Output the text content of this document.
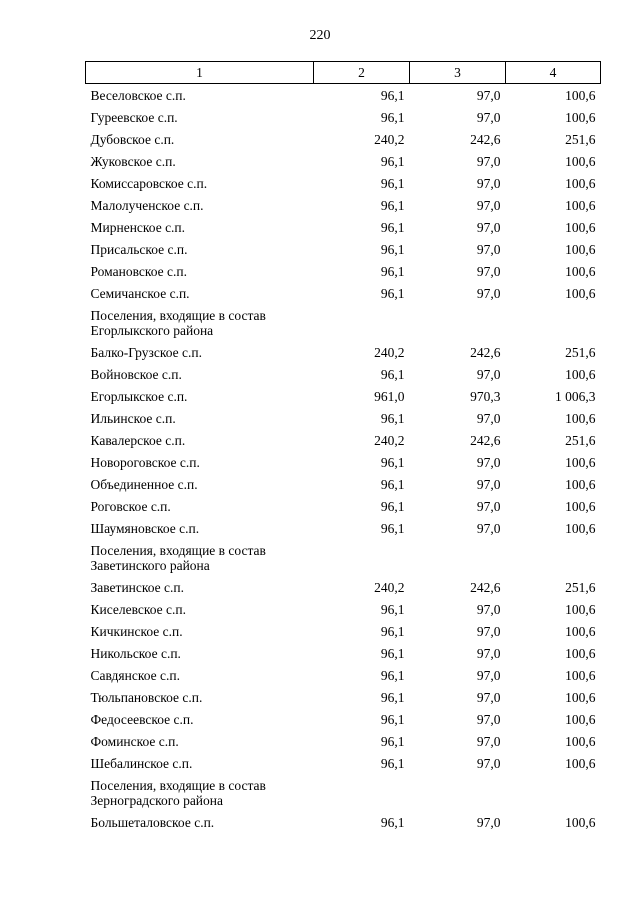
220
1	2	3	4
Веселовское с.п.	96,1	97,0	100,6
Гуреевское с.п.	96,1	97,0	100,6
Дубовское с.п.	240,2	242,6	251,6
Жуковское с.п.	96,1	97,0	100,6
Комиссаровское с.п.	96,1	97,0	100,6
Малолученское с.п.	96,1	97,0	100,6
Мирненское с.п.	96,1	97,0	100,6
Присальское с.п.	96,1	97,0	100,6
Романовское с.п.	96,1	97,0	100,6
Семичанское с.п.	96,1	97,0	100,6
Поселения, входящие в состав Егорлыкского района			
Балко-Грузское с.п.	240,2	242,6	251,6
Войновское с.п.	96,1	97,0	100,6
Егорлыкское с.п.	961,0	970,3	1 006,3
Ильинское с.п.	96,1	97,0	100,6
Кавалерское с.п.	240,2	242,6	251,6
Новороговское с.п.	96,1	97,0	100,6
Объединенное с.п.	96,1	97,0	100,6
Роговское с.п.	96,1	97,0	100,6
Шаумяновское с.п.	96,1	97,0	100,6
Поселения, входящие в состав Заветинского района			
Заветинское с.п.	240,2	242,6	251,6
Киселевское с.п.	96,1	97,0	100,6
Кичкинское с.п.	96,1	97,0	100,6
Никольское с.п.	96,1	97,0	100,6
Савдянское с.п.	96,1	97,0	100,6
Тюльпановское с.п.	96,1	97,0	100,6
Федосеевское с.п.	96,1	97,0	100,6
Фоминское с.п.	96,1	97,0	100,6
Шебалинское с.п.	96,1	97,0	100,6
Поселения, входящие в состав Зерноградского района			
Большеталовское с.п.	96,1	97,0	100,6
